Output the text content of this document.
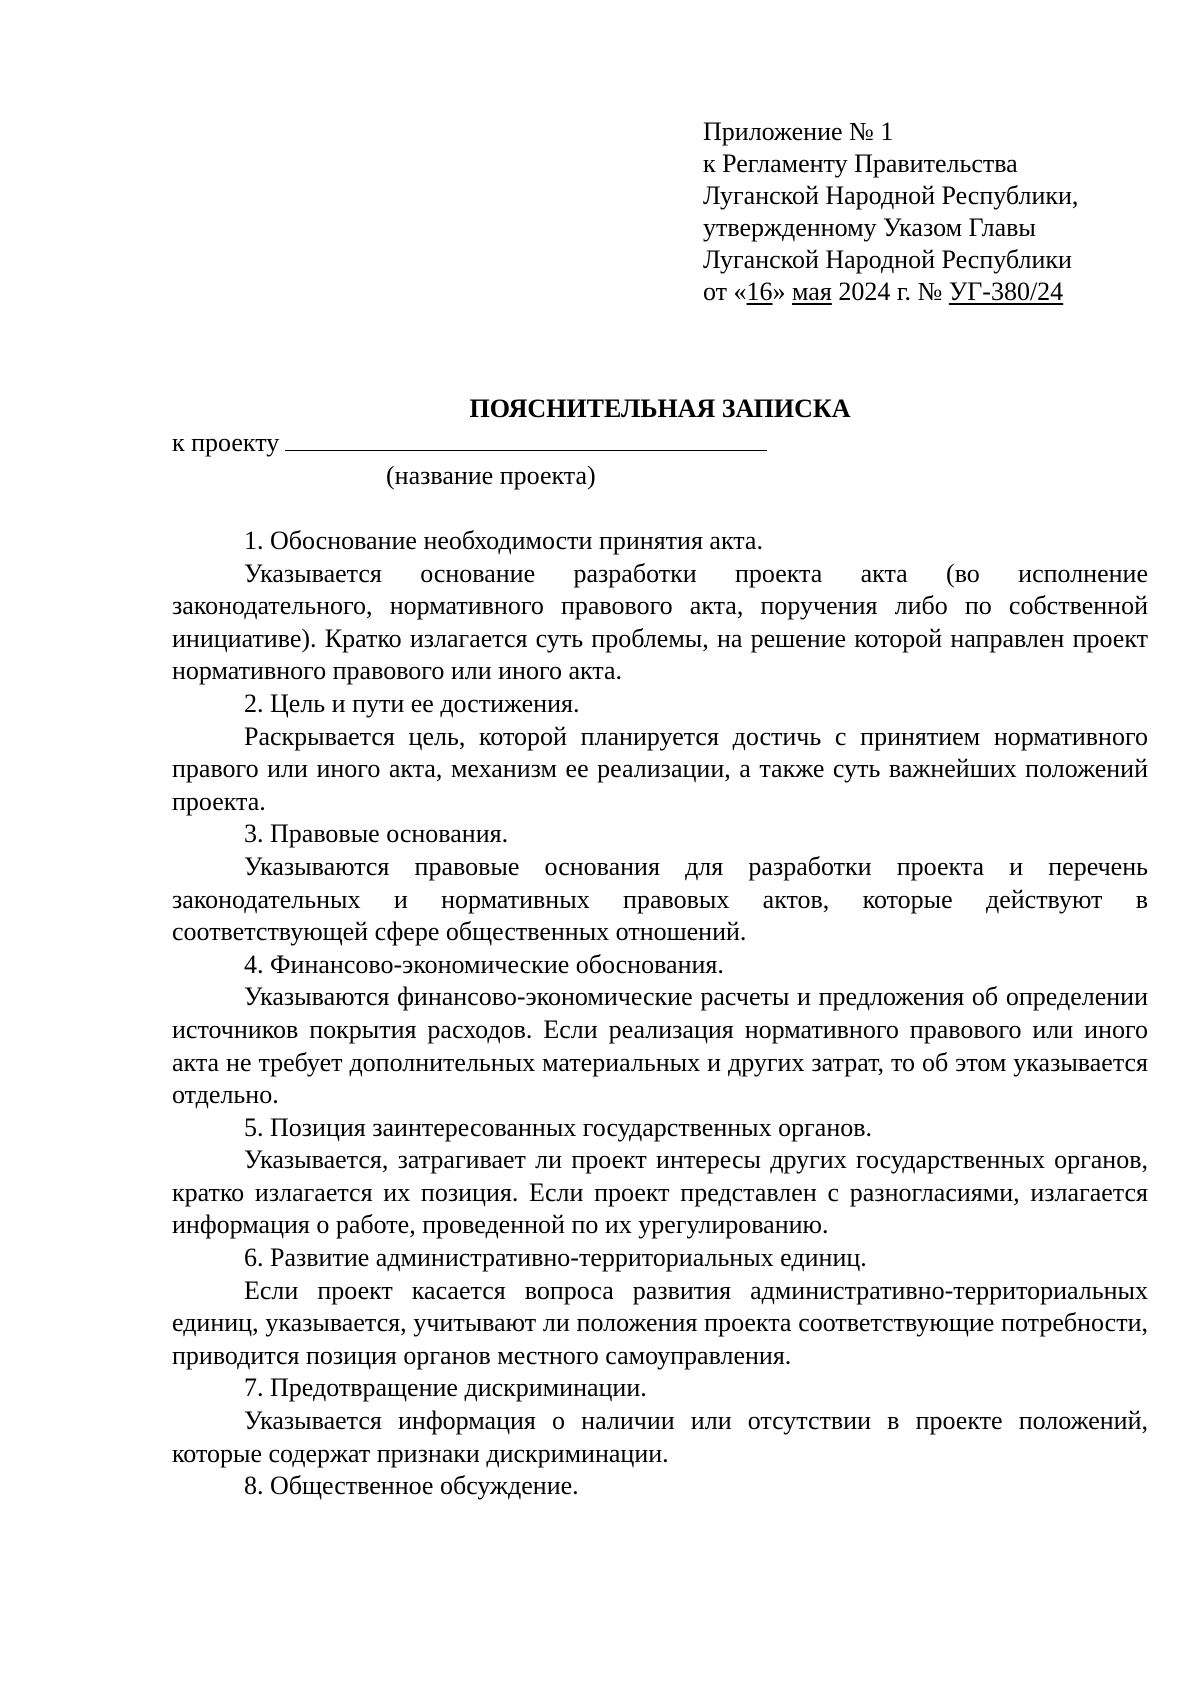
Приложение № 1
к Регламенту Правительства
Луганской Народной Республики,
утвержденному Указом Главы
Луганской Народной Республики
от «16» мая 2024 г. № УГ-380/24
ПОЯСНИТЕЛЬНАЯ ЗАПИСКА
к проекту
(название проекта)

1. Обоснование необходимости принятия акта.

Указывается основание разработки проекта акта (во исполнение законодательного, нормативного правового акта, поручения либо по собственной инициативе). Кратко излагается суть проблемы, на решение которой направлен проект нормативного правового или иного акта.

2. Цель и пути ее достижения.

Раскрывается цель, которой планируется достичь с принятием нормативного правого или иного акта, механизм ее реализации, а также суть важнейших положений проекта.

3. Правовые основания.

Указываются правовые основания для разработки проекта и перечень законодательных и нормативных правовых актов, которые действуют в соответствующей сфере общественных отношений.

4. Финансово-экономические обоснования.

Указываются финансово-экономические расчеты и предложения об определении источников покрытия расходов. Если реализация нормативного правового или иного акта не требует дополнительных материальных и других затрат, то об этом указывается отдельно.

5. Позиция заинтересованных государственных органов.

Указывается, затрагивает ли проект интересы других государственных органов, кратко излагается их позиция. Если проект представлен с разногласиями, излагается информация о работе, проведенной по их урегулированию.

6. Развитие административно-территориальных единиц.

Если проект касается вопроса развития административно-территориальных единиц, указывается, учитывают ли положения проекта соответствующие потребности, приводится позиция органов местного самоуправления.

7. Предотвращение дискриминации.

Указывается информация о наличии или отсутствии в проекте положений, которые содержат признаки дискриминации.

8. Общественное обсуждение.
